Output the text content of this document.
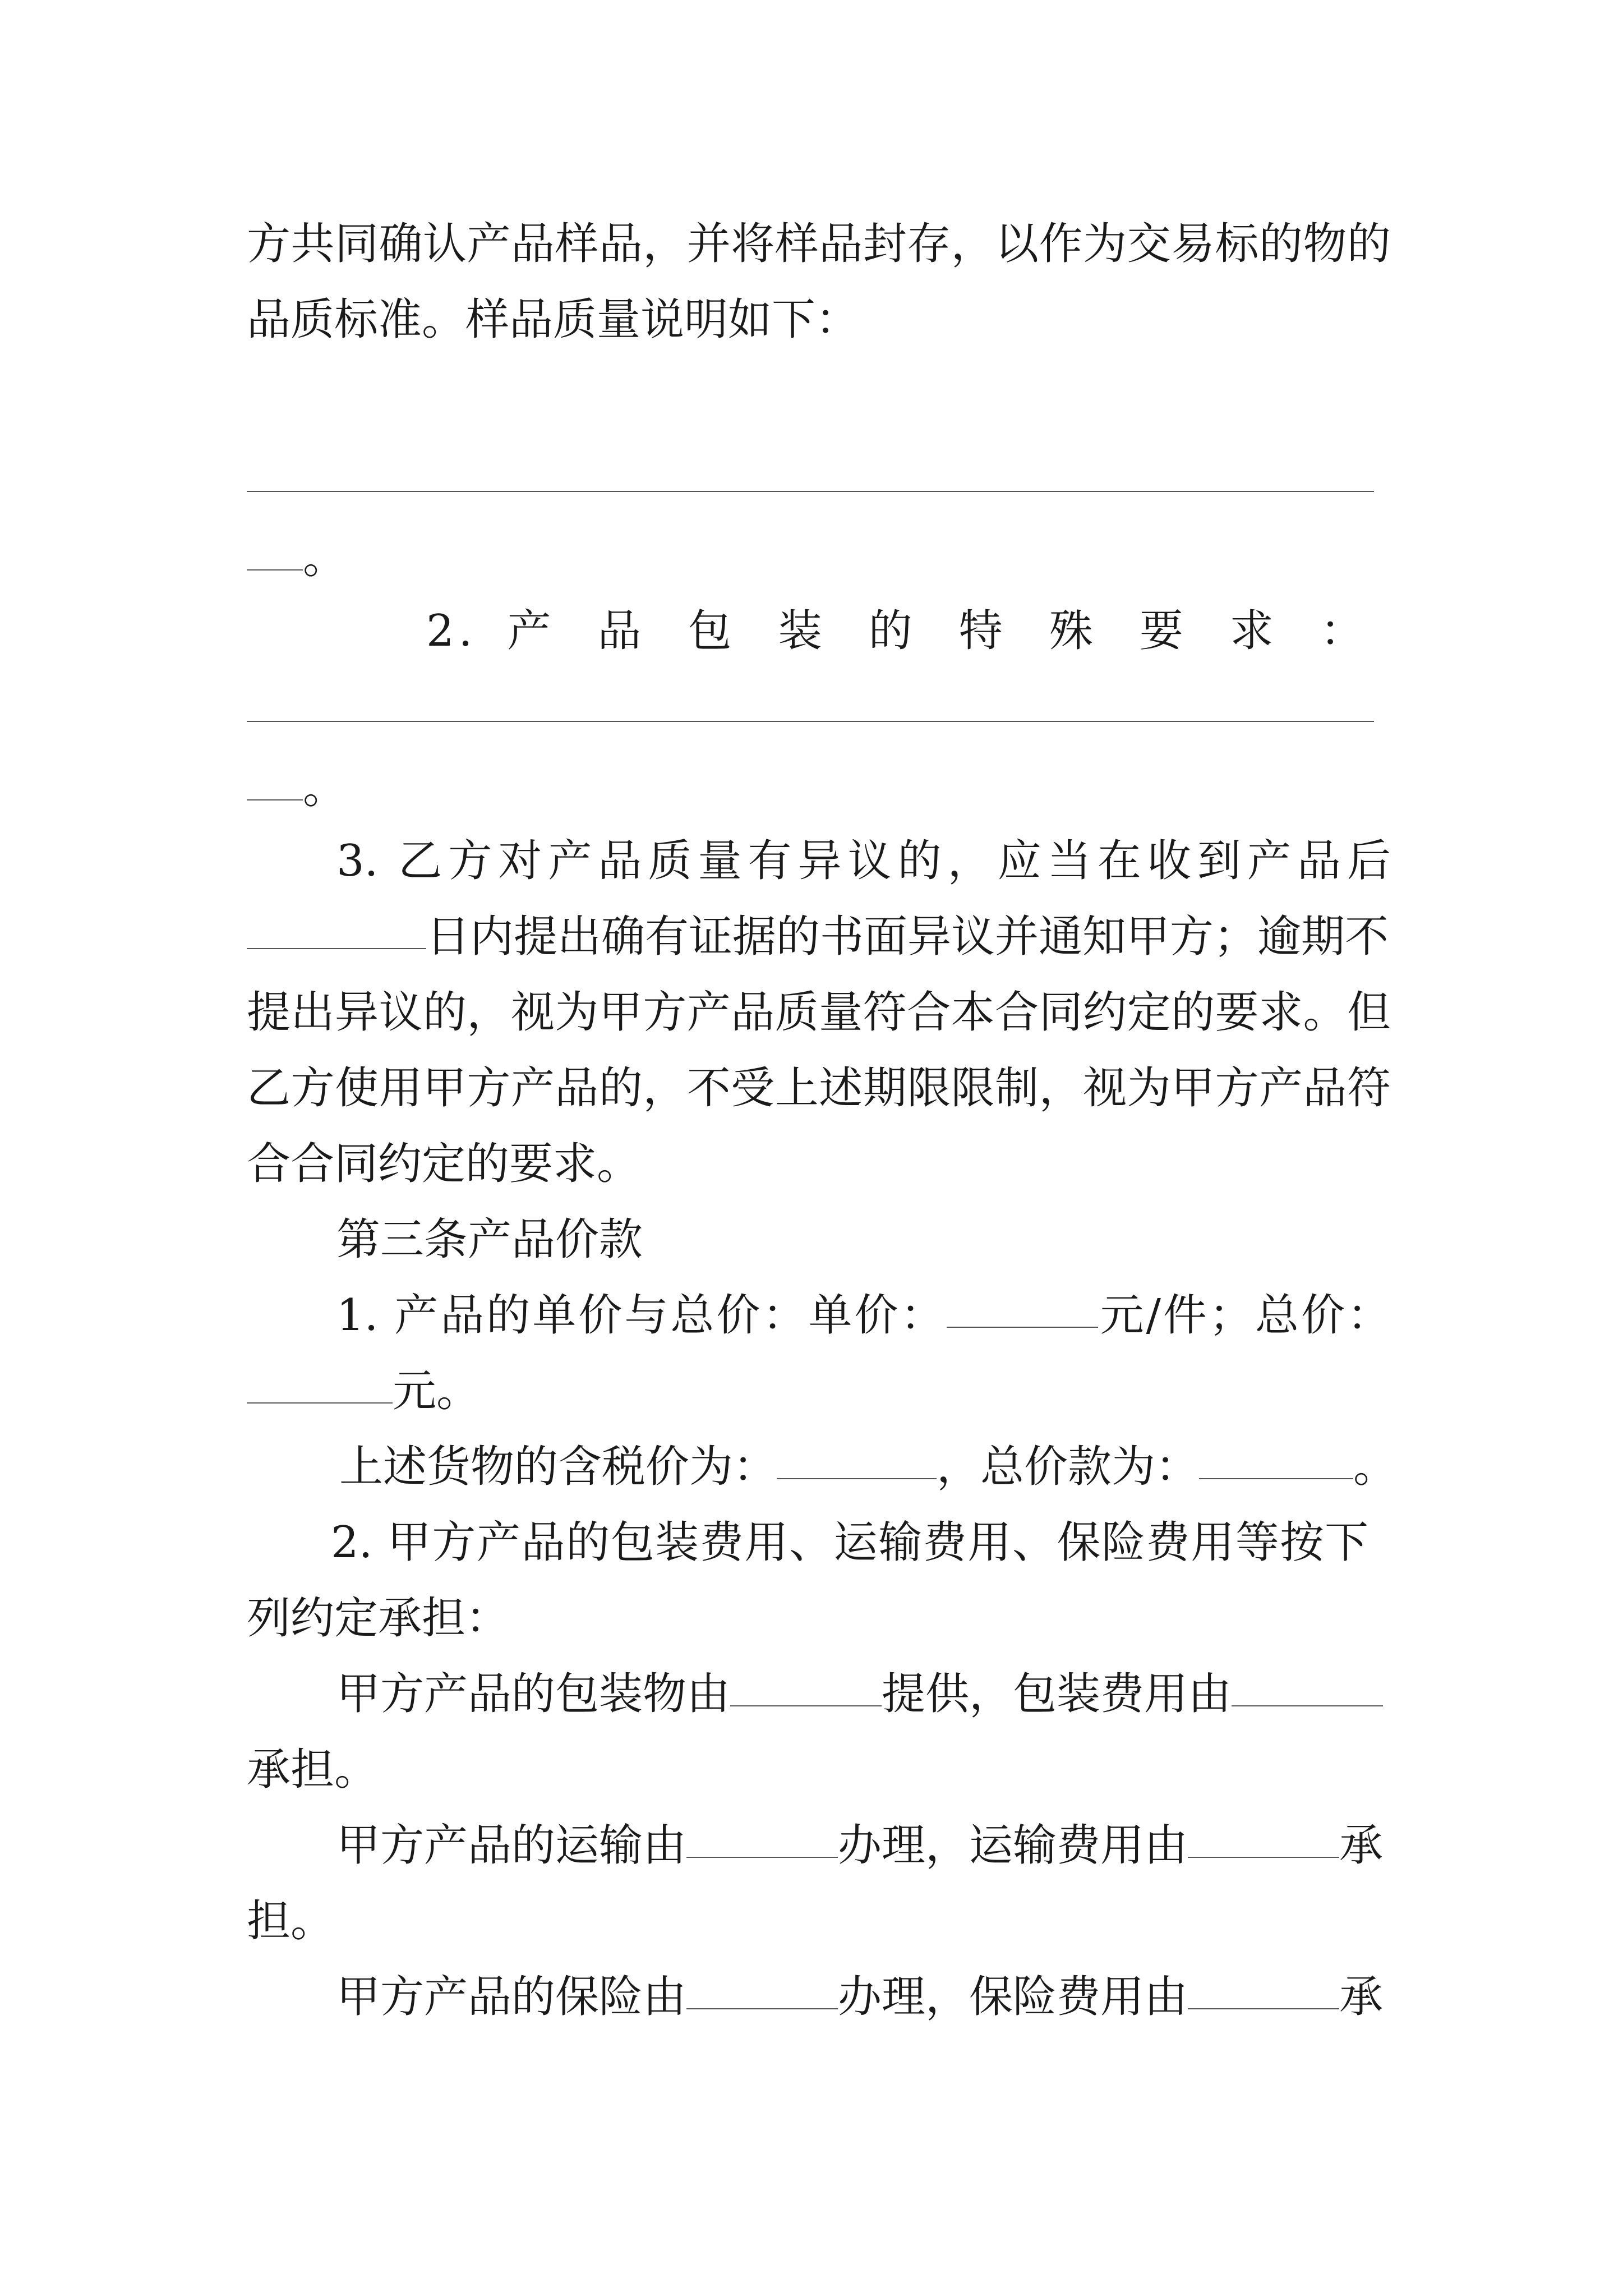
方共同确认产品样品，并将样品封存，以作为交易标的物的
品质标准。样品质量说明如下：
。
2. 产 品 包 装 的 特 殊 要 求 ：
。
3. 乙方对产品质量有异议的，应当在收到产品后
日内提出确有证据的书面异议并通知甲方；逾期不
提出异议的，视为甲方产品质量符合本合同约定的要求。但
乙方使用甲方产品的，不受上述期限限制，视为甲方产品符
合合同约定的要求。
第三条产品价款
1. 产品的单价与总价：单价：	元/件；总价：
元。
上述货物的含税价为：	，总价款为：	。
2. 甲方产品的包装费用、运输费用、保险费用等按下
列约定承担：
甲方产品的包装物由	提供，包装费用由
承担。
甲方产品的运输由	办理，运输费用由	承
担。
甲方产品的保险由	办理，保险费用由	承
